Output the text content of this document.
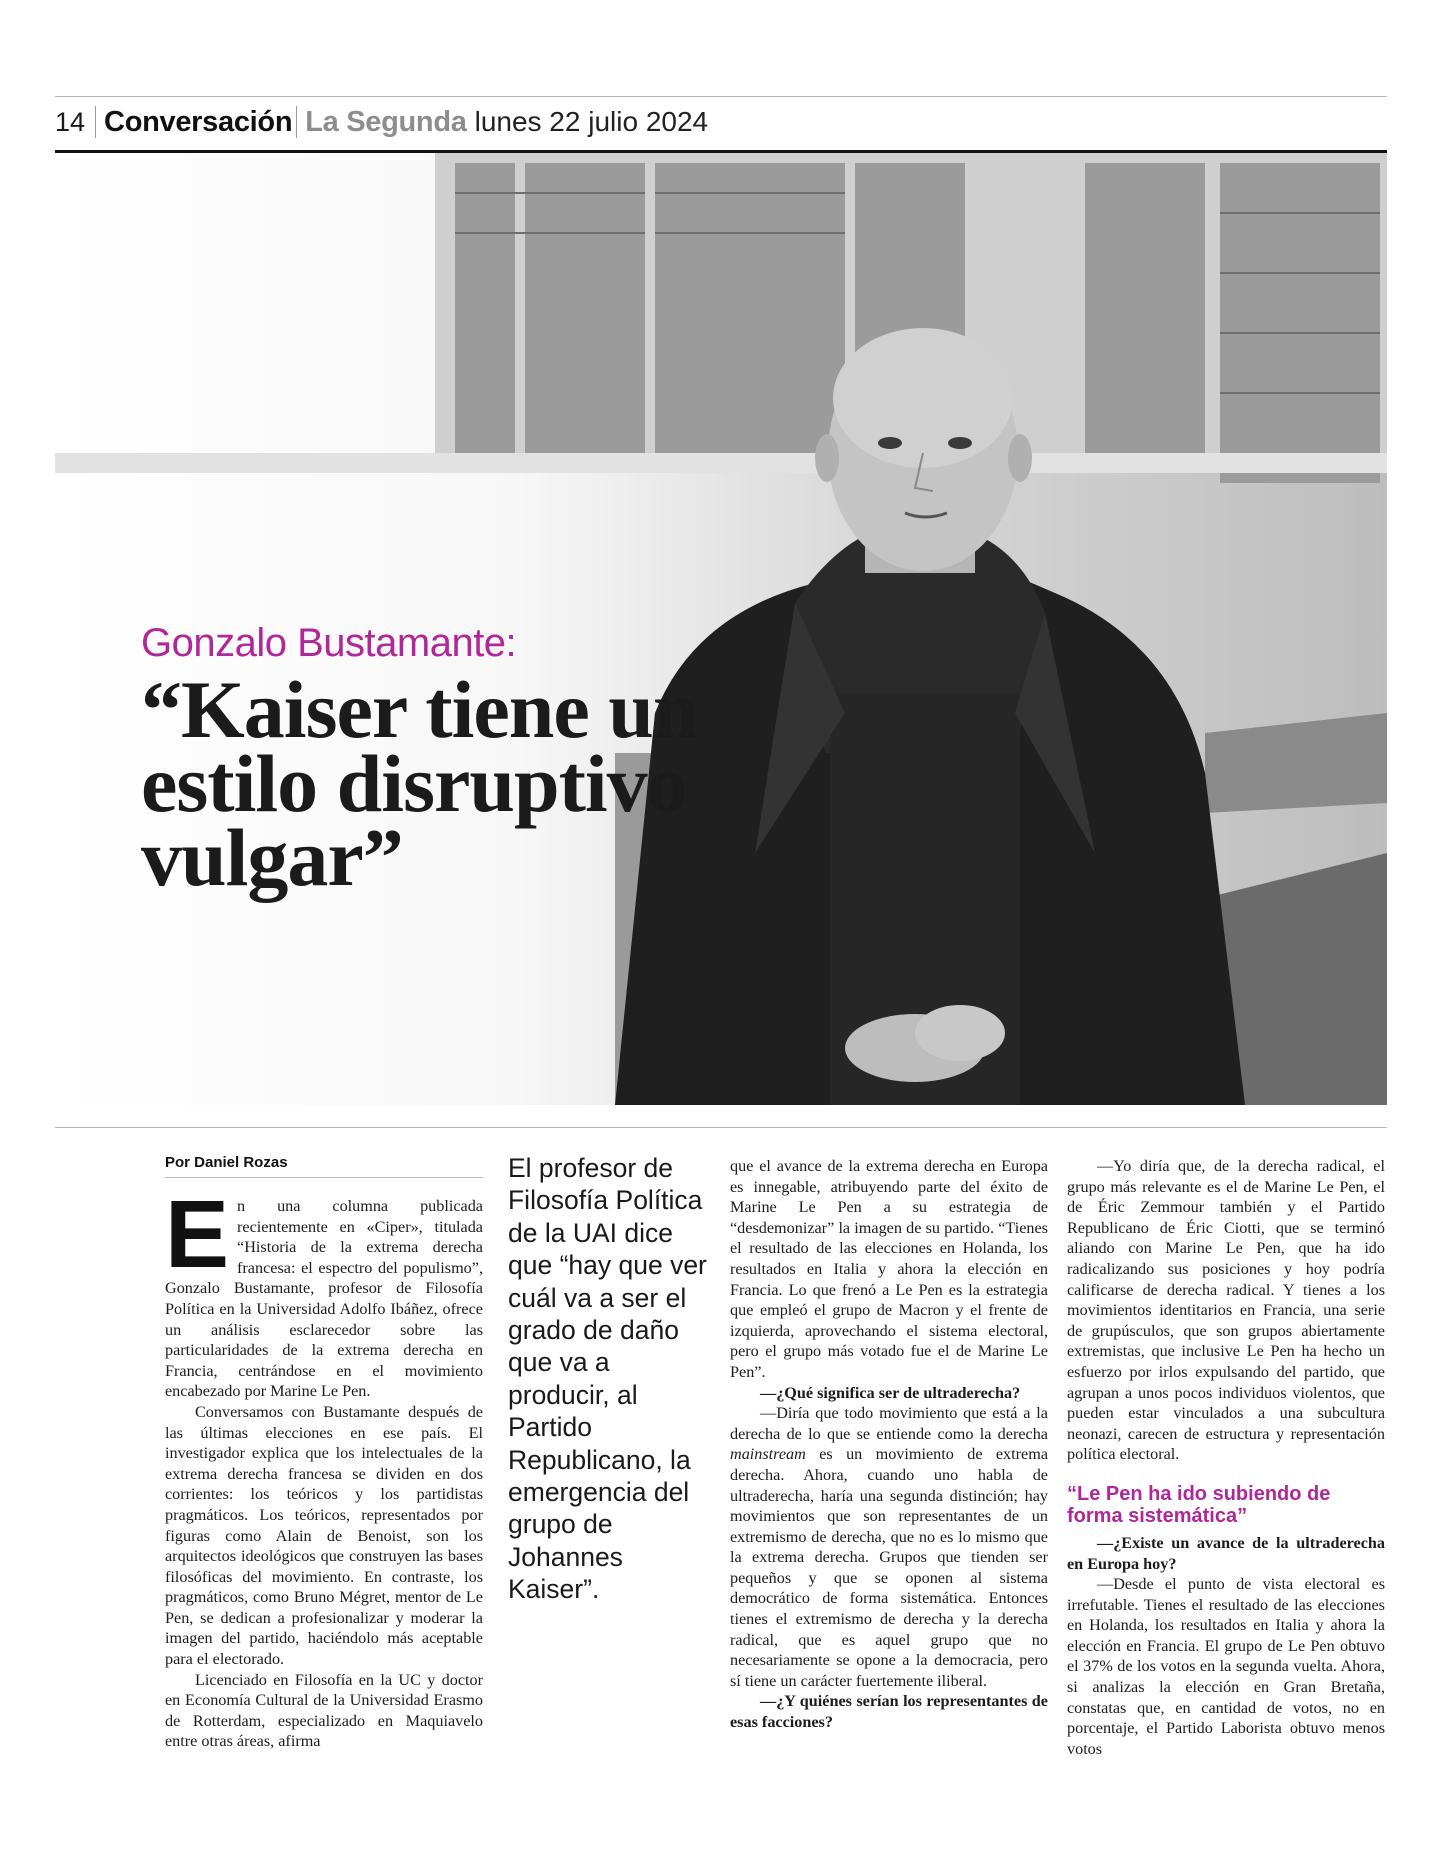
14 Conversación La Segunda lunes 22 julio 2024
Gonzalo Bustamante:
“Kaiser tiene un estilo disruptivo vulgar”
Por Daniel Rozas

En una columna publicada recientemente en «Ciper», titulada “Historia de la extrema derecha francesa: el espectro del populismo”, Gonzalo Bustamante, profesor de Filosofía Política en la Universidad Adolfo Ibáñez, ofrece un análisis esclarecedor sobre las particularidades de la extrema derecha en Francia, centrándose en el movimiento encabezado por Marine Le Pen.

Conversamos con Bustamante después de las últimas elecciones en ese país. El investigador explica que los intelectuales de la extrema derecha francesa se dividen en dos corrientes: los teóricos y los partidistas pragmáticos. Los teóricos, representados por figuras como Alain de Benoist, son los arquitectos ideológicos que construyen las bases filosóficas del movimiento. En contraste, los pragmáticos, como Bruno Mégret, mentor de Le Pen, se dedican a profesionalizar y moderar la imagen del partido, haciéndolo más aceptable para el electorado.

Licenciado en Filosofía en la UC y doctor en Economía Cultural de la Universidad Erasmo de Rotterdam, especializado en Maquiavelo entre otras áreas, afirma

El profesor de Filosofía Política de la UAI dice que “hay que ver cuál va a ser el grado de daño que va a producir, al Partido Republicano, la emergencia del grupo de Johannes Kaiser”.

que el avance de la extrema derecha en Europa es innegable, atribuyendo parte del éxito de Marine Le Pen a su estrategia de “desdemonizar” la imagen de su partido. “Tienes el resultado de las elecciones en Holanda, los resultados en Italia y ahora la elección en Francia. Lo que frenó a Le Pen es la estrategia que empleó el grupo de Macron y el frente de izquierda, aprovechando el sistema electoral, pero el grupo más votado fue el de Marine Le Pen”.

—¿Qué significa ser de ultraderecha?

—Diría que todo movimiento que está a la derecha de lo que se entiende como la derecha mainstream es un movimiento de extrema derecha. Ahora, cuando uno habla de ultraderecha, haría una segunda distinción; hay movimientos que son representantes de un extremismo de derecha, que no es lo mismo que la extrema derecha. Grupos que tienden ser pequeños y que se oponen al sistema democrático de forma sistemática. Entonces tienes el extremismo de derecha y la derecha radical, que es aquel grupo que no necesariamente se opone a la democracia, pero sí tiene un carácter fuertemente iliberal.

—¿Y quiénes serían los representantes de esas facciones?

—Yo diría que, de la derecha radical, el grupo más relevante es el de Marine Le Pen, el de Éric Zemmour también y el Partido Republicano de Éric Ciotti, que se terminó aliando con Marine Le Pen, que ha ido radicalizando sus posiciones y hoy podría calificarse de derecha radical. Y tienes a los movimientos identitarios en Francia, una serie de grupúsculos, que son grupos abiertamente extremistas, que inclusive Le Pen ha hecho un esfuerzo por irlos expulsando del partido, que agrupan a unos pocos individuos violentos, que pueden estar vinculados a una subcultura neonazi, carecen de estructura y representación política electoral.

“Le Pen ha ido subiendo de forma sistemática”

—¿Existe un avance de la ultraderecha en Europa hoy?

—Desde el punto de vista electoral es irrefutable. Tienes el resultado de las elecciones en Holanda, los resultados en Italia y ahora la elección en Francia. El grupo de Le Pen obtuvo el 37% de los votos en la segunda vuelta. Ahora, si analizas la elección en Gran Bretaña, constatas que, en cantidad de votos, no en porcentaje, el Partido Laborista obtuvo menos votos
